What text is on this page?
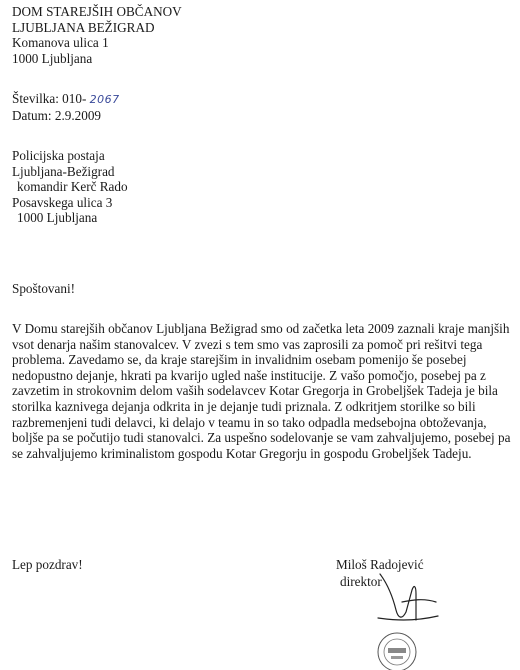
DOM STAREJŠIH OBČANOV
LJUBLJANA BEŽIGRAD
Komanova ulica 1
1000 Ljubljana
Številka: 010- 2067
Datum: 2.9.2009
Policijska postaja
Ljubljana-Bežigrad
komandir Kerč Rado
Posavskega ulica 3
1000 Ljubljana
Spoštovani!
V Domu starejših občanov Ljubljana Bežigrad smo od začetka leta 2009 zaznali kraje manjših
vsot denarja našim stanovalcev. V zvezi s tem smo vas zaprosili za pomoč pri rešitvi tega
problema. Zavedamo se, da kraje starejšim in invalidnim osebam pomenijo še posebej
nedopustno dejanje, hkrati pa kvarijo ugled naše institucije. Z vašo pomočjo, posebej pa z
zavzetim in strokovnim delom vaših sodelavcev Kotar Gregorja in Grobeljšek Tadeja je bila
storilka kaznivega dejanja odkrita in je dejanje tudi priznala. Z odkritjem storilke so bili
razbremenjeni tudi delavci, ki delajo v teamu in so tako odpadla medsebojna obtoževanja,
boljše pa se počutijo tudi stanovalci. Za uspešno sodelovanje se vam zahvaljujemo, posebej pa
se zahvaljujemo kriminalistom gospodu Kotar Gregorju in gospodu Grobeljšek Tadeju.
Lep pozdrav!	Miloš Radojević
direktor
